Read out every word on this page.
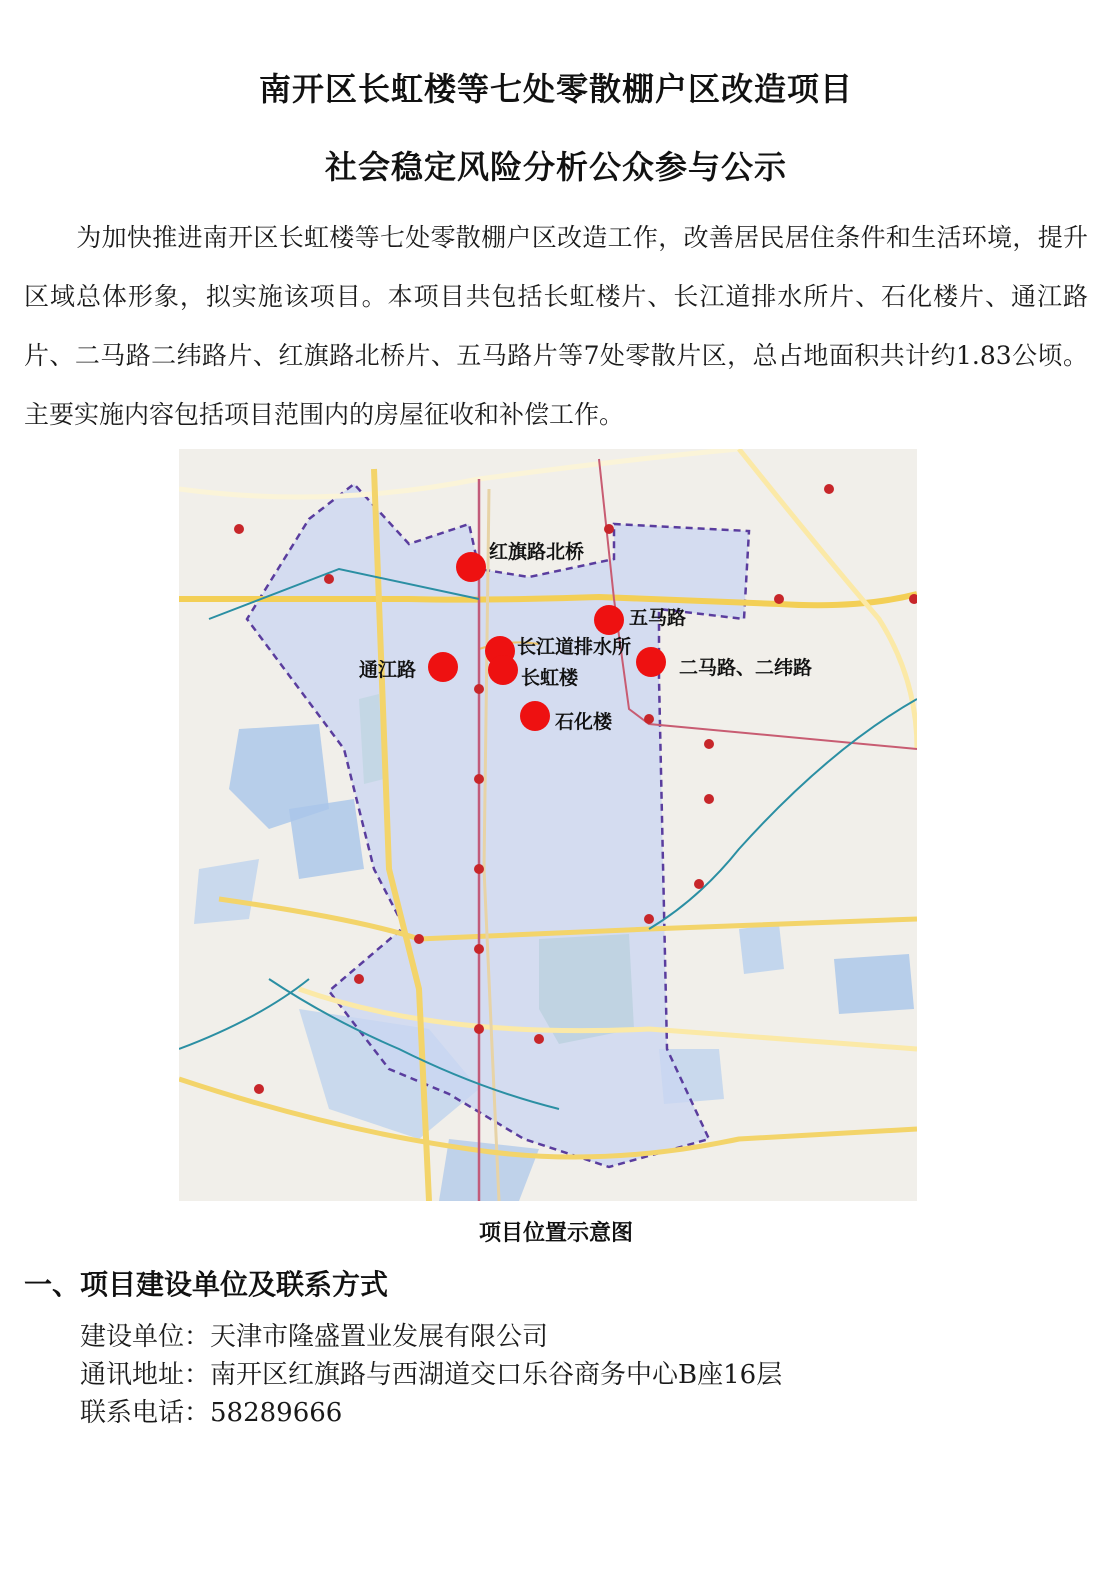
南开区长虹楼等七处零散棚户区改造项目
社会稳定风险分析公众参与公示
为加快推进南开区长虹楼等七处零散棚户区改造工作，改善居民居住条件和生活环境，提升区域总体形象，拟实施该项目。本项目共包括长虹楼片、长江道排水所片、石化楼片、通江路片、二马路二纬路片、红旗路北桥片、五马路片等7处零散片区，总占地面积共计约1.83公顷。主要实施内容包括项目范围内的房屋征收和补偿工作。
红旗路北桥
五马路
长江道排水所
通江路	长虹楼	二马路、二纬路
石化楼
项目位置示意图
一、项目建设单位及联系方式
建设单位：天津市隆盛置业发展有限公司
通讯地址：南开区红旗路与西湖道交口乐谷商务中心B座16层
联系电话：58289666
